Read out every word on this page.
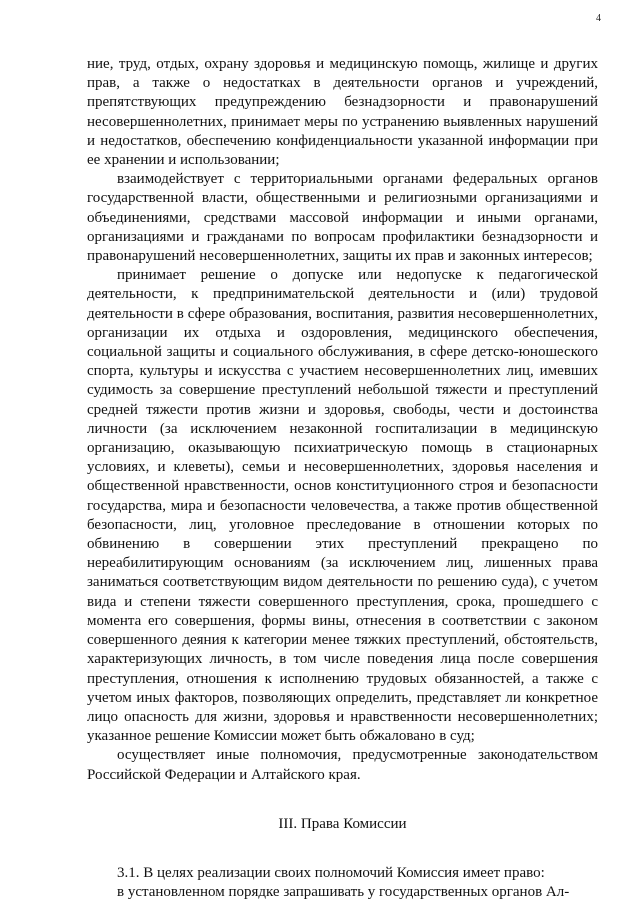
4

ние, труд, отдых, охрану здоровья и медицинскую помощь, жилище и других прав, а также о недостатках в деятельности органов и учреждений, препятствующих предупреждению безнадзорности и правонарушений несовершеннолетних, принимает меры по устранению выявленных нарушений и недостатков, обеспечению конфиденциальности указанной информации при ее хранении и использовании;

взаимодействует с территориальными органами федеральных органов государственной власти, общественными и религиозными организациями и объединениями, средствами массовой информации и иными органами, организациями и гражданами по вопросам профилактики безнадзорности и правонарушений несовершеннолетних, защиты их прав и законных интересов;

принимает решение о допуске или недопуске к педагогической деятельности, к предпринимательской деятельности и (или) трудовой деятельности в сфере образования, воспитания, развития несовершеннолетних, организации их отдыха и оздоровления, медицинского обеспечения, социальной защиты и социального обслуживания, в сфере детско-юношеского спорта, культуры и искусства с участием несовершеннолетних лиц, имевших судимость за совершение преступлений небольшой тяжести и преступлений средней тяжести против жизни и здоровья, свободы, чести и достоинства личности (за исключением незаконной госпитализации в медицинскую организацию, оказывающую психиатрическую помощь в стационарных условиях, и клеветы), семьи и несовершеннолетних, здоровья населения и общественной нравственности, основ конституционного строя и безопасности государства, мира и безопасности человечества, а также против общественной безопасности, лиц, уголовное преследование в отношении которых по обвинению в совершении этих преступлений прекращено по нереабилитирующим основаниям (за исключением лиц, лишенных права заниматься соответствующим видом деятельности по решению суда), с учетом вида и степени тяжести совершенного преступления, срока, прошедшего с момента его совершения, формы вины, отнесения в соответствии с законом совершенного деяния к категории менее тяжких преступлений, обстоятельств, характеризующих личность, в том числе поведения лица после совершения преступления, отношения к исполнению трудовых обязанностей, а также с учетом иных факторов, позволяющих определить, представляет ли конкретное лицо опасность для жизни, здоровья и нравственности несовершеннолетних; указанное решение Комиссии может быть обжаловано в суд;

осуществляет иные полномочия, предусмотренные законодательством Российской Федерации и Алтайского края.

III. Права Комиссии

3.1. В целях реализации своих полномочий Комиссия имеет право:

в установленном порядке запрашивать у государственных органов Ал-
